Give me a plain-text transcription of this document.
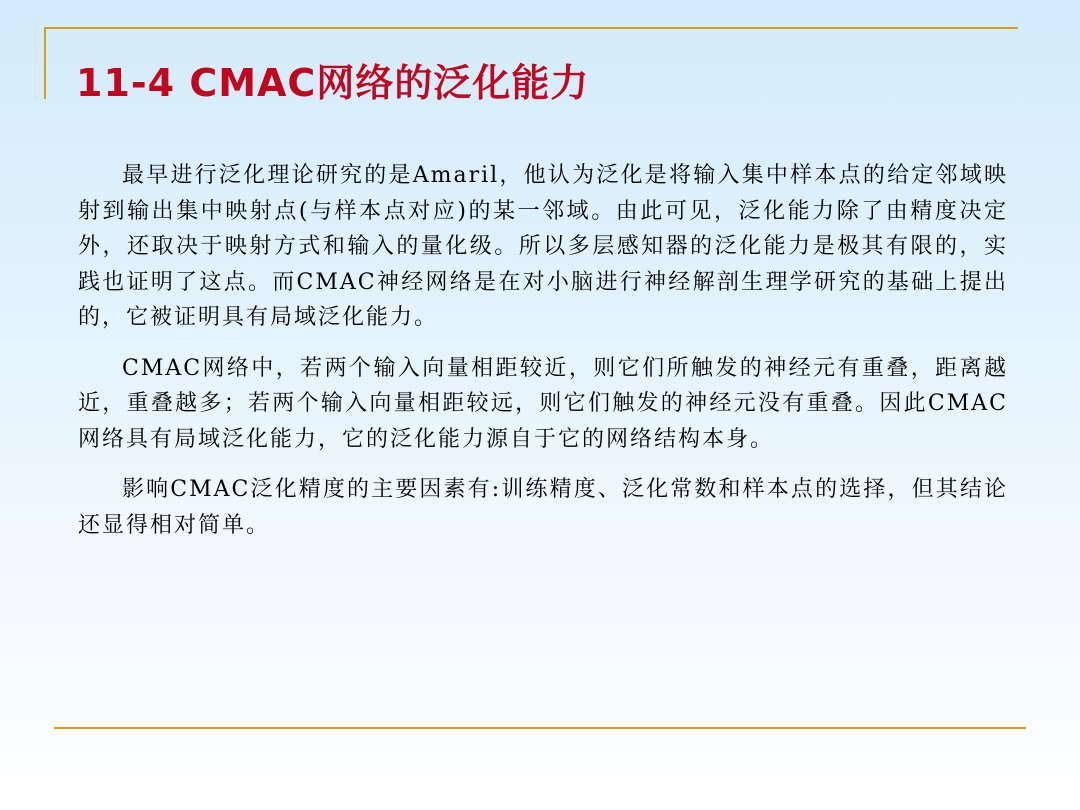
11-4 CMAC网络的泛化能力

最早进行泛化理论研究的是Amaril，他认为泛化是将输入集中样本点的给定邻域映射到输出集中映射点(与样本点对应)的某一邻域。由此可见，泛化能力除了由精度决定外，还取决于映射方式和输入的量化级。所以多层感知器的泛化能力是极其有限的，实践也证明了这点。而CMAC神经网络是在对小脑进行神经解剖生理学研究的基础上提出的，它被证明具有局域泛化能力。

CMAC网络中，若两个输入向量相距较近，则它们所触发的神经元有重叠，距离越近，重叠越多；若两个输入向量相距较远，则它们触发的神经元没有重叠。因此CMAC网络具有局域泛化能力，它的泛化能力源自于它的网络结构本身。

影响CMAC泛化精度的主要因素有:训练精度、泛化常数和样本点的选择，但其结论还显得相对简单。
